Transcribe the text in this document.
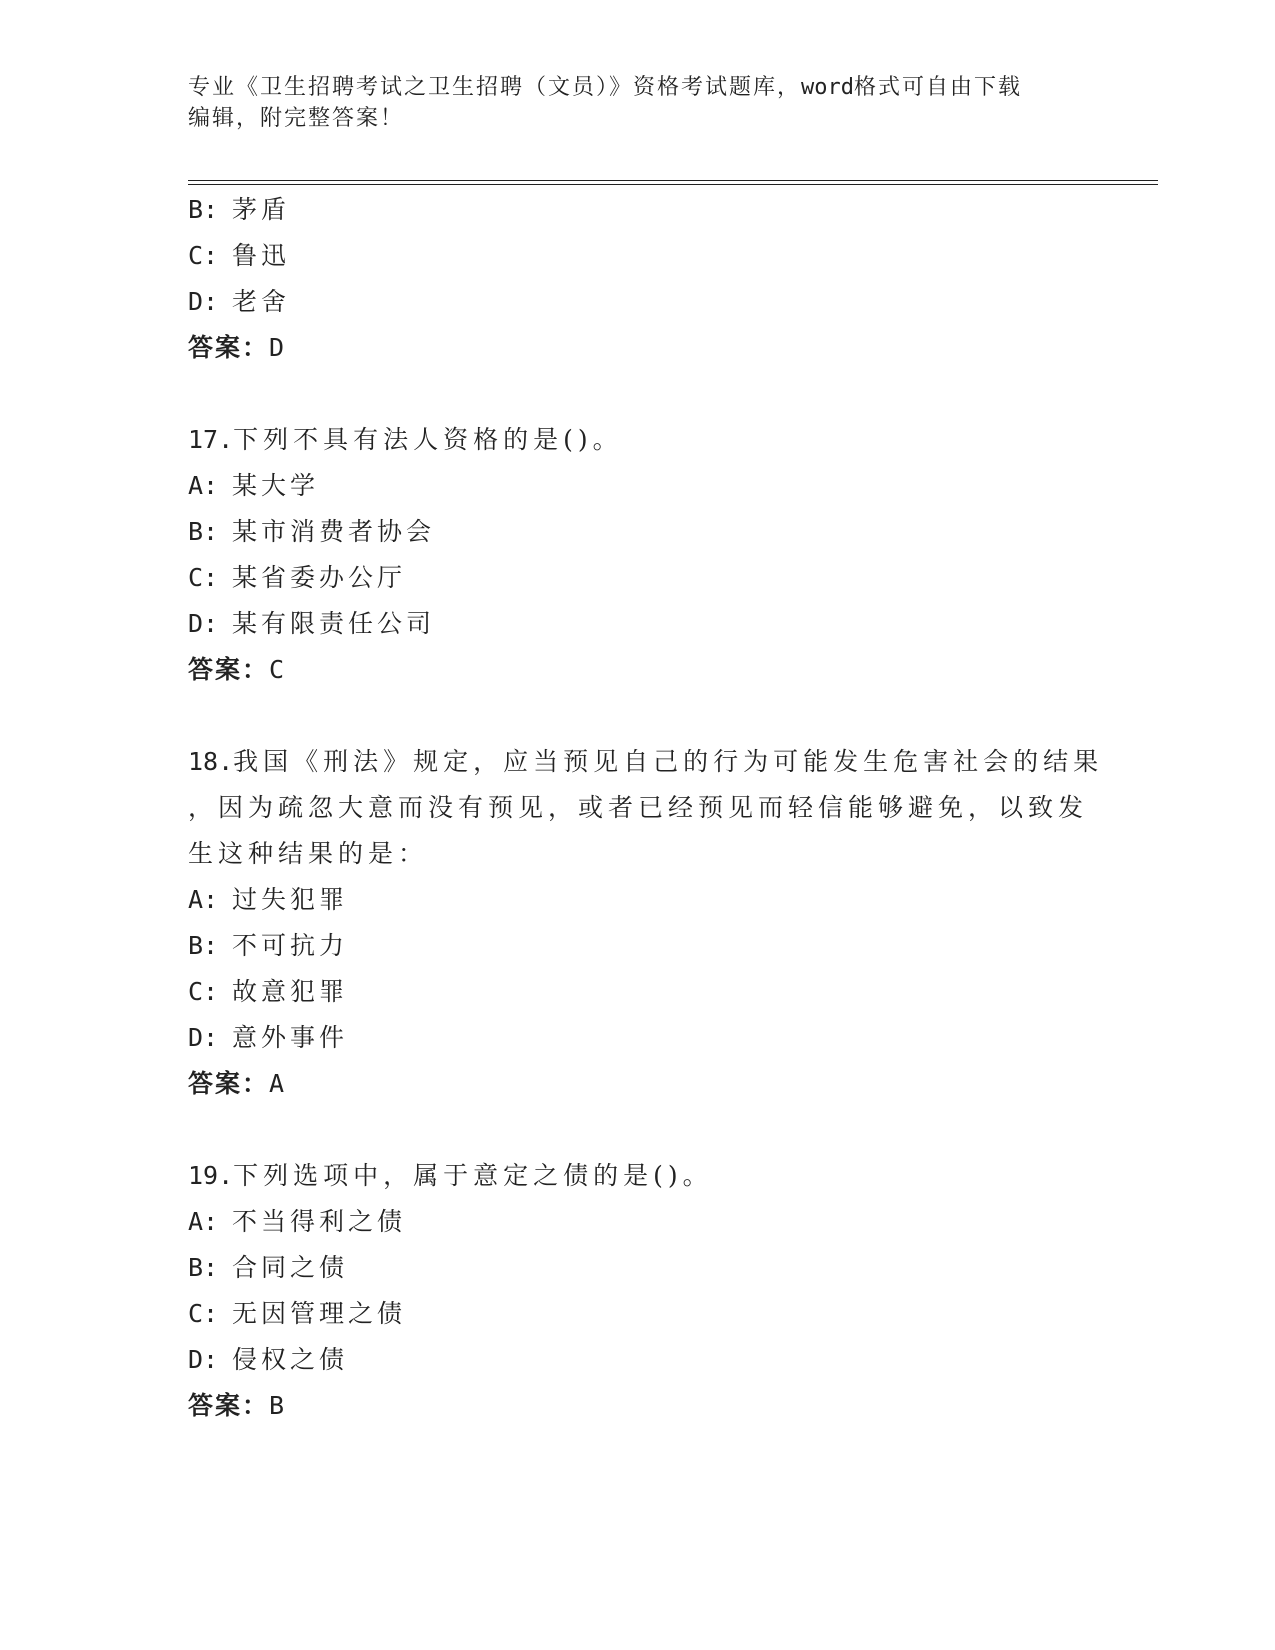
专业《卫生招聘考试之卫生招聘（文员）》资格考试题库，word格式可自由下载
编辑，附完整答案！
B: 茅盾
C: 鲁迅
D: 老舍
答案：D
17.下列不具有法人资格的是()。
A: 某大学
B: 某市消费者协会
C: 某省委办公厅
D: 某有限责任公司
答案：C
18.我国《刑法》规定，应当预见自己的行为可能发生危害社会的结果
，因为疏忽大意而没有预见，或者已经预见而轻信能够避免，以致发
生这种结果的是：
A: 过失犯罪
B: 不可抗力
C: 故意犯罪
D: 意外事件
答案：A
19.下列选项中，属于意定之债的是()。
A: 不当得利之债
B: 合同之债
C: 无因管理之债
D: 侵权之债
答案：B
